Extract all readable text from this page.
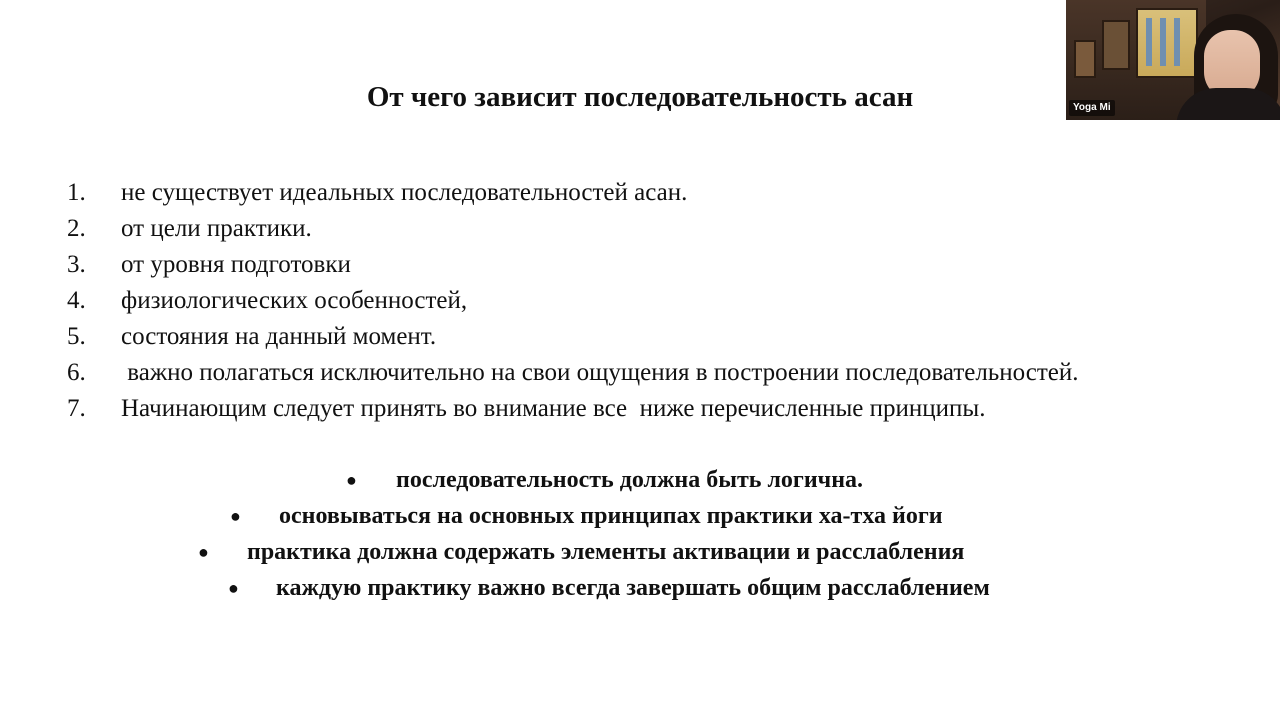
От чего зависит последовательность асан
1. не существует идеальных последовательностей асан.
2. от цели практики.
3. от уровня подготовки
4. физиологических особенностей,
5. состояния на данный момент.
6. важно полагаться исключительно на свои ощущения в построении последовательностей.
7. Начинающим следует принять во внимание все  ниже перечисленные принципы.
● последовательность должна быть логична.
● основываться на основных принципах практики ха-тха йоги
● практика должна содержать элементы активации и расслабления
● каждую практику важно всегда завершать общим расслаблением
Yoga Mi
